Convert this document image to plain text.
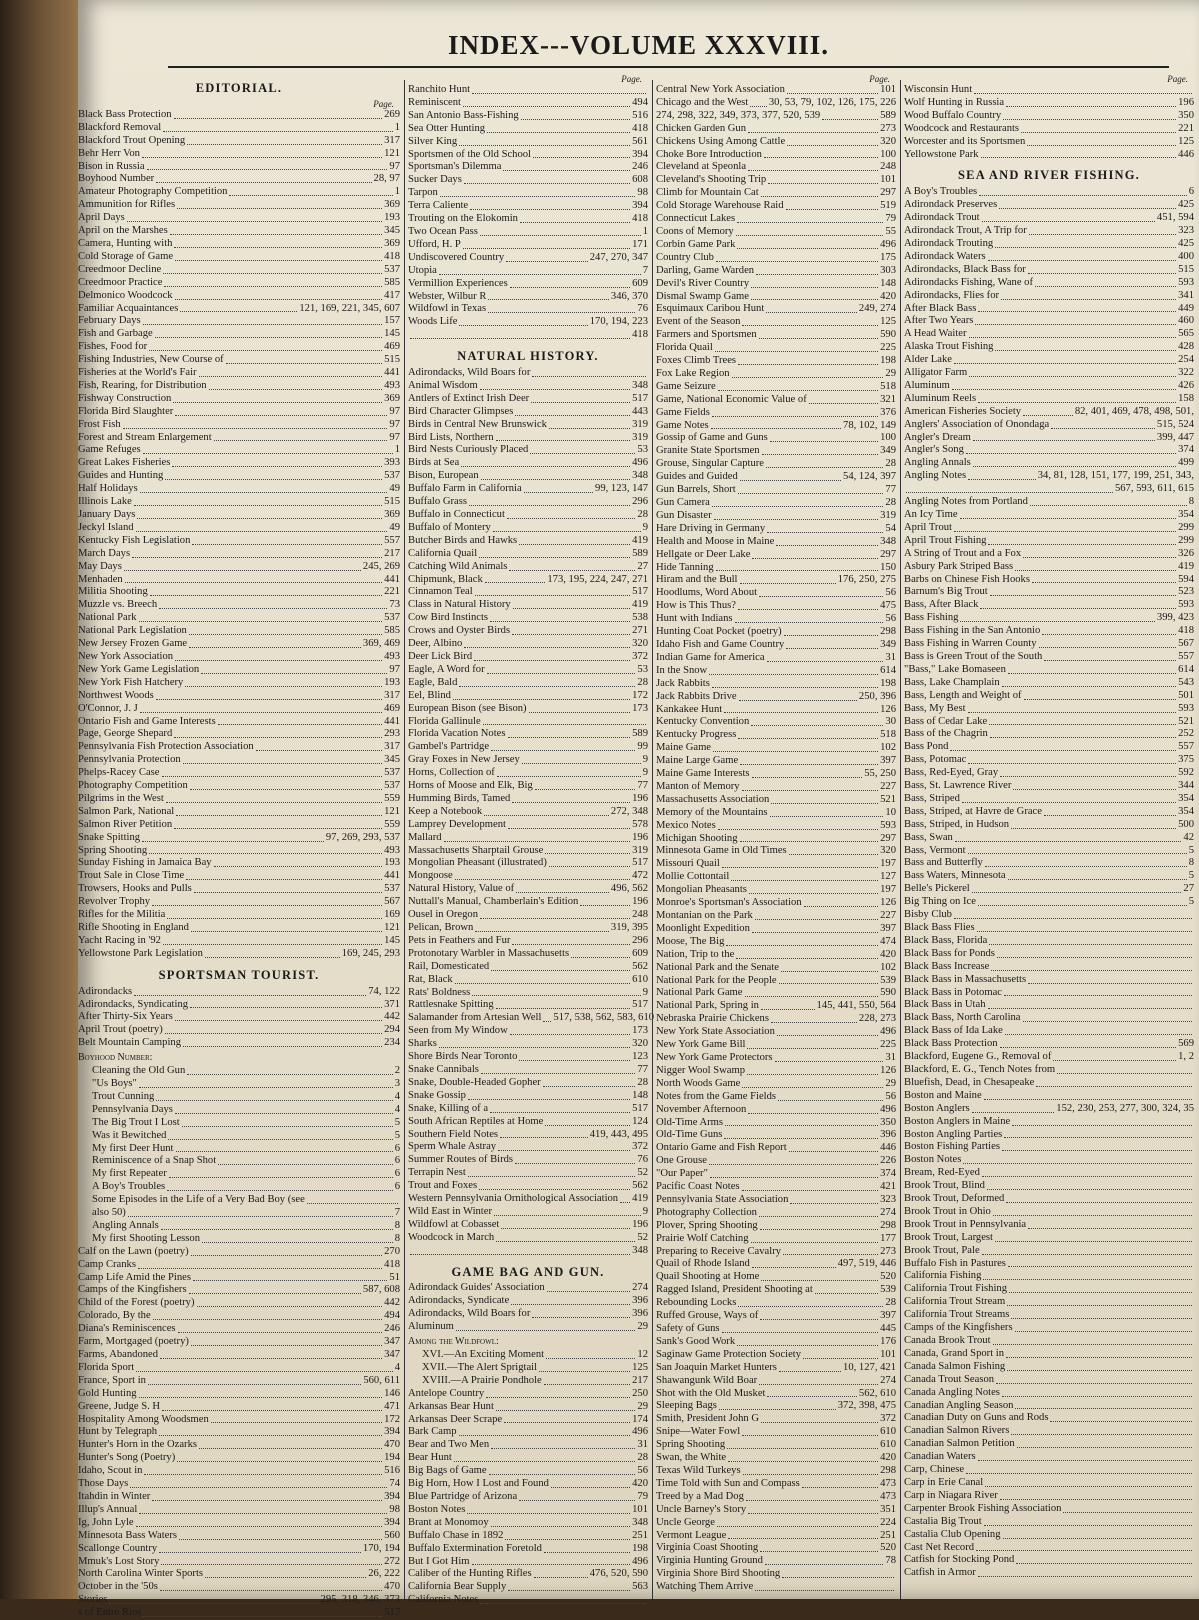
INDEX---VOLUME XXXVIII.
EDITORIAL.
Page.
Black Bass Protection	269
Blackford Removal	1
Blackford Trout Opening	317
Behr Herr Von	121
Bison in Russia	97
Boyhood Number	28, 97
Amateur Photography Competition	1
Ammunition for Rifles	369
April Days	193
April on the Marshes	345
Camera, Hunting with	369
Cold Storage of Game	418
Creedmoor Decline	537
Creedmoor Practice	585
Delmonico Woodcock	417
Familiar Acquaintances	121, 169, 221, 345, 607
February Days	157
Fish and Garbage	145
Fishes, Food for	469
Fishing Industries, New Course of	515
Fisheries at the World's Fair	441
Fish, Rearing, for Distribution	493
Fishway Construction	369
Florida Bird Slaughter	97
Frost Fish	97
Forest and Stream Enlargement	97
Game Refuges	1
Great Lakes Fisheries	393
Guides and Hunting	537
Half Holidays	49
Illinois Lake	515
January Days	369
Jeckyl Island	49
Kentucky Fish Legislation	557
March Days	217
May Days	245, 269
Menhaden	441
Militia Shooting	221
Muzzle vs. Breech	73
National Park	537
National Park Legislation	585
New Jersey Frozen Game	369, 469
New York Association	493
New York Game Legislation	97
New York Fish Hatchery	193
Northwest Woods	317
O'Connor, J. J	469
Ontario Fish and Game Interests	441
Page, George Shepard	293
Pennsylvania Fish Protection Association	317
Pennsylvania Protection	345
Phelps-Racey Case	537
Photography Competition	537
Pilgrims in the West	559
Salmon Park, National	121
Salmon River Petition	559
Snake Spitting	97, 269, 293, 537
Spring Shooting	493
Sunday Fishing in Jamaica Bay	193
Trout Sale in Close Time	441
Trowsers, Hooks and Pulls	537
Revolver Trophy	567
Rifles for the Militia	169
Rifle Shooting in England	121
Yacht Racing in '92	145
Yellowstone Park Legislation	169, 245, 293
SPORTSMAN TOURIST.
Adirondacks	74, 122
Adirondacks, Syndicating	371
After Thirty-Six Years	442
April Trout (poetry)	294
Belt Mountain Camping	234
Boyhood Number:
Cleaning the Old Gun	2
"Us Boys"	3
Trout Cunning	4
Pennsylvania Days	4
The Big Trout I Lost	5
Was it Bewitched	5
My first Deer Hunt	6
Reminiscence of a Snap Shot	6
My first Repeater	6
A Boy's Troubles	6
Some Episodes in the Life of a Very Bad Boy (see
also 50)	7
Angling Annals	8
My first Shooting Lesson	8
Calf on the Lawn (poetry)	270
Camp Cranks	418
Camp Life Amid the Pines	51
Camps of the Kingfishers	587, 608
Child of the Forest (poetry)	442
Colorado, By the	494
Diana's Reminiscences	246
Farm, Mortgaged (poetry)	347
Farms, Abandoned	347
Florida Sport	4
France, Sport in	560, 611
Gold Hunting	146
Greene, Judge S. H	471
Hospitality Among Woodsmen	172
Hunt by Telegraph	394
Hunter's Horn in the Ozarks	470
Hunter's Song (Poetry)	194
Idaho, Scout in	516
Those Days	74
Itahdin in Winter	394
Illup's Annual	98
Ig, John Lyle	394
Minnesota Bass Waters	560
Scallonge Country	170, 194
Mmuk's Lost Story	272
North Carolina Winter Sports	26, 222
October in the '50s	470
Stories	295, 318, 346, 373
s of Entre Rios	517
Page.
Ranchito Hunt
Reminiscent	494
San Antonio Bass-Fishing	516
Sea Otter Hunting	418
Silver King	561
Sportsmen of the Old School	394
Sportsman's Dilemma	246
Sucker Days	608
Tarpon	98
Terra Caliente	394
Trouting on the Elokomin	418
Two Ocean Pass	1
Ufford, H. P	171
Undiscovered Country	247, 270, 347
Utopia	7
Vermillion Experiences	609
Webster, Wilbur R	346, 370
Wildfowl in Texas	76
Woods Life	170, 194, 223
418
NATURAL HISTORY.
Adirondacks, Wild Boars for
Animal Wisdom	348
Antlers of Extinct Irish Deer	517
Bird Character Glimpses	443
Birds in Central New Brunswick	319
Bird Lists, Northern	319
Bird Nests Curiously Placed	53
Birds at Sea	496
Bison, European	348
Buffalo Farm in California	99, 123, 147
Buffalo Grass	296
Buffalo in Connecticut	28
Buffalo of Montery	9
Butcher Birds and Hawks	419
California Quail	589
Catching Wild Animals	27
Chipmunk, Black	173, 195, 224, 247, 271
Cinnamon Teal	517
Class in Natural History	419
Cow Bird Instincts	538
Crows and Oyster Birds	271
Deer, Albino	320
Deer Lick Bird	372
Eagle, A Word for	53
Eagle, Bald	28
Eel, Blind	172
European Bison (see Bison)	173
Florida Gallinule
Florida Vacation Notes	589
Gambel's Partridge	99
Gray Foxes in New Jersey	9
Horns, Collection of	9
Horns of Moose and Elk, Big	77
Humming Birds, Tamed	196
Keep a Notebook	272, 348
Lamprey Development	578
Mallard	196
Massachusetts Sharptail Grouse	319
Mongolian Pheasant (illustrated)	517
Mongoose	472
Natural History, Value of	496, 562
Nuttall's Manual, Chamberlain's Edition	196
Ousel in Oregon	248
Pelican, Brown	319, 395
Pets in Feathers and Fur	296
Protonotary Warbler in Massachusetts	609
Rail, Domesticated	562
Rat, Black	610
Rats' Boldness	9
Rattlesnake Spitting	517
Salamander from Artesian Well 517, 538, 562, 583, 610
Seen from My Window	173
Sharks	320
Shore Birds Near Toronto	123
Snake Cannibals	77
Snake, Double-Headed Gopher	28
Snake Gossip	148
Snake, Killing of a	517
South African Reptiles at Home	124
Southern Field Notes	419, 443, 495
Sperm Whale Astray	372
Summer Routes of Birds	76
Terrapin Nest	52
Trout and Foxes	562
Western Pennsylvania Ornithological Association 419
Wild East in Winter	9
Wildfowl at Cobasset	196
Woodcock in March	52
348
GAME BAG AND GUN.
Adirondack Guides' Association	274
Adirondacks, Syndicate	396
Adirondacks, Wild Boars for	396
Aluminum	29
Among the Wildfowl:
XVI.—An Exciting Moment	12
XVII.—The Alert Sprigtail	125
XVIII.—A Prairie Pondhole	217
Antelope Country	250
Arkansas Bear Hunt	29
Arkansas Deer Scrape	174
Bark Camp	496
Bear and Two Men	31
Bear Hunt	28
Big Bags of Game	56
Big Horn, How I Lost and Found	420
Blue Partridge of Arizona	79
Boston Notes	101
Brant at Monomoy	348
Buffalo Chase in 1892	251
Buffalo Extermination Foretold	198
But I Got Him	496
Caliber of the Hunting Rifles	476, 520, 590
California Bear Supply	563
California Notes
Page.
Central New York Association	101
Chicago and the West 30, 53, 79, 102, 126, 175, 226
274, 298, 322, 349, 373, 377, 520, 539	589
Chicken Garden Gun	273
Chickens Using Among Cattle	320
Choke Bore Introduction	100
Cleveland at Speonla	248
Cleveland's Shooting Trip	101
Climb for Mountain Cat	297
Cold Storage Warehouse Raid	519
Connecticut Lakes	79
Coons of Memory	55
Corbin Game Park	496
Country Club	175
Darling, Game Warden	303
Devil's River Country	148
Dismal Swamp Game	420
Esquimaux Caribou Hunt	249, 274
Event of the Season	125
Farmers and Sportsmen	590
Florida Quail	225
Foxes Climb Trees	198
Fox Lake Region	29
Game Seizure	518
Game, National Economic Value of	321
Game Fields	376
Game Notes	78, 102, 149
Gossip of Game and Guns	100
Granite State Sportsmen	349
Grouse, Singular Capture	28
Guides and Guided	54, 124, 397
Gun Barrels, Short	77
Gun Camera	28
Gun Disaster	319
Hare Driving in Germany	54
Health and Moose in Maine	348
Hellgate or Deer Lake	297
Hide Tanning	150
Hiram and the Bull	176, 250, 275
Hoodlums, Word About	56
How is This Thus?	475
Hunt with Indians	56
Hunting Coat Pocket (poetry)	298
Idaho Fish and Game Country	349
Indian Game for America	31
In the Snow	614
Jack Rabbits	198
Jack Rabbits Drive	250, 396
Kankakee Hunt	126
Kentucky Convention	30
Kentucky Progress	518
Maine Game	102
Maine Large Game	397
Maine Game Interests	55, 250
Manton of Memory	227
Massachusetts Association	521
Memory of the Mountains	10
Mexico Notes	593
Michigan Shooting	297
Minnesota Game in Old Times	320
Missouri Quail	197
Mollie Cottontail	127
Mongolian Pheasants	197
Monroe's Sportsman's Association	126
Montanian on the Park	227
Moonlight Expedition	397
Moose, The Big	474
Nation, Trip to the	420
National Park and the Senate	102
National Park for the People	539
National Park Game	590
National Park, Spring in	145, 441, 550, 564
Nebraska Prairie Chickens	228, 273
New York State Association	496
New York Game Bill	225
New York Game Protectors	31
Nigger Wool Swamp	126
North Woods Game	29
Notes from the Game Fields	56
November Afternoon	496
Old-Time Arms	350
Old-Time Guns	396
Ontario Game and Fish Report	446
One Grouse	226
"Our Paper"	374
Pacific Coast Notes	421
Pennsylvania State Association	323
Photography Collection	274
Plover, Spring Shooting	298
Prairie Wolf Catching	177
Preparing to Receive Cavalry	273
Quail of Rhode Island	497, 519, 446
Quail Shooting at Home	520
Ragged Island, President Shooting at	539
Rebounding Locks	28
Ruffed Grouse, Ways of	397
Safety of Guns	445
Sank's Good Work	176
Saginaw Game Protection Society	101
San Joaquin Market Hunters	10, 127, 421
Shawangunk Wild Boar	274
Shot with the Old Musket	562, 610
Sleeping Bags	372, 398, 475
Smith, President John G	372
Snipe—Water Fowl	610
Spring Shooting	610
Swan, the White	420
Texas Wild Turkeys	298
Time Told with Sun and Compass	473
Treed by a Mad Dog	473
Uncle Barney's Story	351
Uncle George	224
Vermont League	251
Virginia Coast Shooting	520
Virginia Hunting Ground	78
Virginia Shore Bird Shooting
Watching Them Arrive
Page.
Wisconsin Hunt
Wolf Hunting in Russia	196
Wood Buffalo Country	350
Woodcock and Restaurants	221
Worcester and its Sportsmen	125
Yellowstone Park	446
SEA AND RIVER FISHING.
A Boy's Troubles	6
Adirondack Preserves	425
Adirondack Trout	451, 594
Adirondack Trout, A Trip for	323
Adirondack Trouting	425
Adirondack Waters	400
Adirondacks, Black Bass for	515
Adirondacks Fishing, Wane of	593
Adirondacks, Flies for	341
After Black Bass	449
After Two Years	460
A Head Waiter	565
Alaska Trout Fishing	428
Alder Lake	254
Alligator Farm	322
Aluminum	426
Aluminum Reels	158
American Fisheries Society	82, 401, 469, 478, 498, 501,
Anglers' Association of Onondaga	515, 524
Angler's Dream	399, 447
Angler's Song	374
Angling Annals	499
Angling Notes	34, 81, 128, 151, 177, 199, 251, 343,
567, 593, 611, 615
Angling Notes from Portland	8
An Icy Time	354
April Trout	299
April Trout Fishing	299
A String of Trout and a Fox	326
Asbury Park Striped Bass	419
Barbs on Chinese Fish Hooks	594
Barnum's Big Trout	523
Bass, After Black	593
Bass Fishing	399, 423
Bass Fishing in the San Antonio	418
Bass Fishing in Warren County	567
Bass is Green Trout of the South	557
"Bass," Lake Bomaseen	614
Bass, Lake Champlain	543
Bass, Length and Weight of	501
Bass, My Best	593
Bass of Cedar Lake	521
Bass of the Chagrin	252
Bass Pond	557
Bass, Potomac	375
Bass, Red-Eyed, Gray	592
Bass, St. Lawrence River	344
Bass, Striped	354
Bass, Striped, at Havre de Grace	354
Bass, Striped, in Hudson	500
Bass, Swan	42
Bass, Vermont	5
Bass and Butterfly	8
Bass Waters, Minnesota	5
Belle's Pickerel	27
Big Thing on Ice	5
Bisby Club
Black Bass Flies
Black Bass, Florida
Black Bass for Ponds
Black Bass Increase
Black Bass in Massachusetts
Black Bass in Potomac
Black Bass in Utah
Black Bass, North Carolina
Black Bass of Ida Lake
Black Bass Protection	569
Blackford, Eugene G., Removal of	1, 2
Blackford, E. G., Tench Notes from
Bluefish, Dead, in Chesapeake
Boston and Maine
Boston Anglers	152, 230, 253, 277, 300, 324, 35
Boston Anglers in Maine
Boston Angling Parties
Boston Fishing Parties
Boston Notes
Bream, Red-Eyed
Brook Trout, Blind
Brook Trout, Deformed
Brook Trout in Ohio
Brook Trout in Pennsylvania
Brook Trout, Largest
Brook Trout, Pale
Buffalo Fish in Pastures
California Fishing
California Trout Fishing
California Trout Stream
California Trout Streams
Camps of the Kingfishers
Canada Brook Trout
Canada, Grand Sport in
Canada Salmon Fishing
Canada Trout Season
Canada Angling Notes
Canadian Angling Season
Canadian Duty on Guns and Rods
Canadian Salmon Rivers
Canadian Salmon Petition
Canadian Waters
Carp, Chinese
Carp in Erie Canal
Carp in Niagara River
Carpenter Brook Fishing Association
Castalia Big Trout
Castalia Club Opening
Cast Net Record
Catfish for Stocking Pond
Catfish in Armor
